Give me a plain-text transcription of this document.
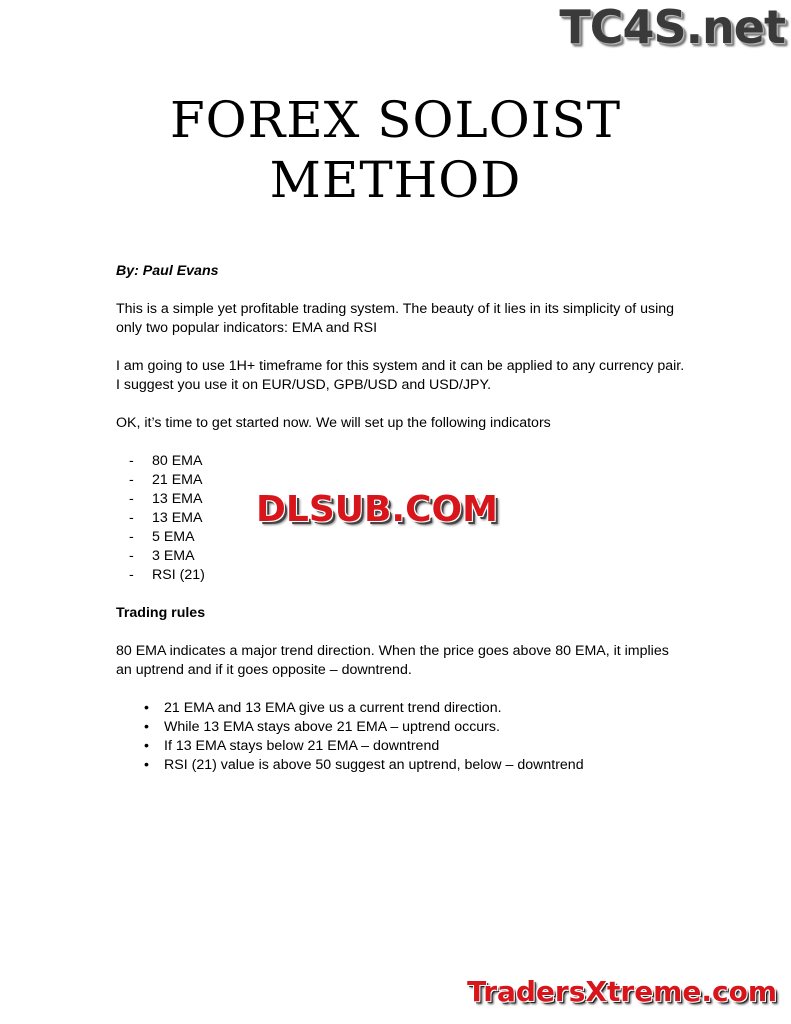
TC4S.net
FOREX SOLOIST
METHOD

By: Paul Evans

This is a simple yet profitable trading system. The beauty of it lies in its simplicity of using only two popular indicators: EMA and RSI

I am going to use 1H+ timeframe for this system and it can be applied to any currency pair. I suggest you use it on EUR/USD, GPB/USD and USD/JPY.

OK, it’s time to get started now. We will set up the following indicators

- 80 EMA
- 21 EMA
- 13 EMA
- 13 EMA
- 5 EMA
- 3 EMA
- RSI (21)

Trading rules

80 EMA indicates a major trend direction. When the price goes above 80 EMA, it implies an uptrend and if it goes opposite – downtrend.

• 21 EMA and 13 EMA give us a current trend direction.
• While 13 EMA stays above 21 EMA – uptrend occurs.
• If 13 EMA stays below 21 EMA – downtrend
• RSI (21) value is above 50 suggest an uptrend, below – downtrend
DLSUB.COM
TradersXtreme.com
